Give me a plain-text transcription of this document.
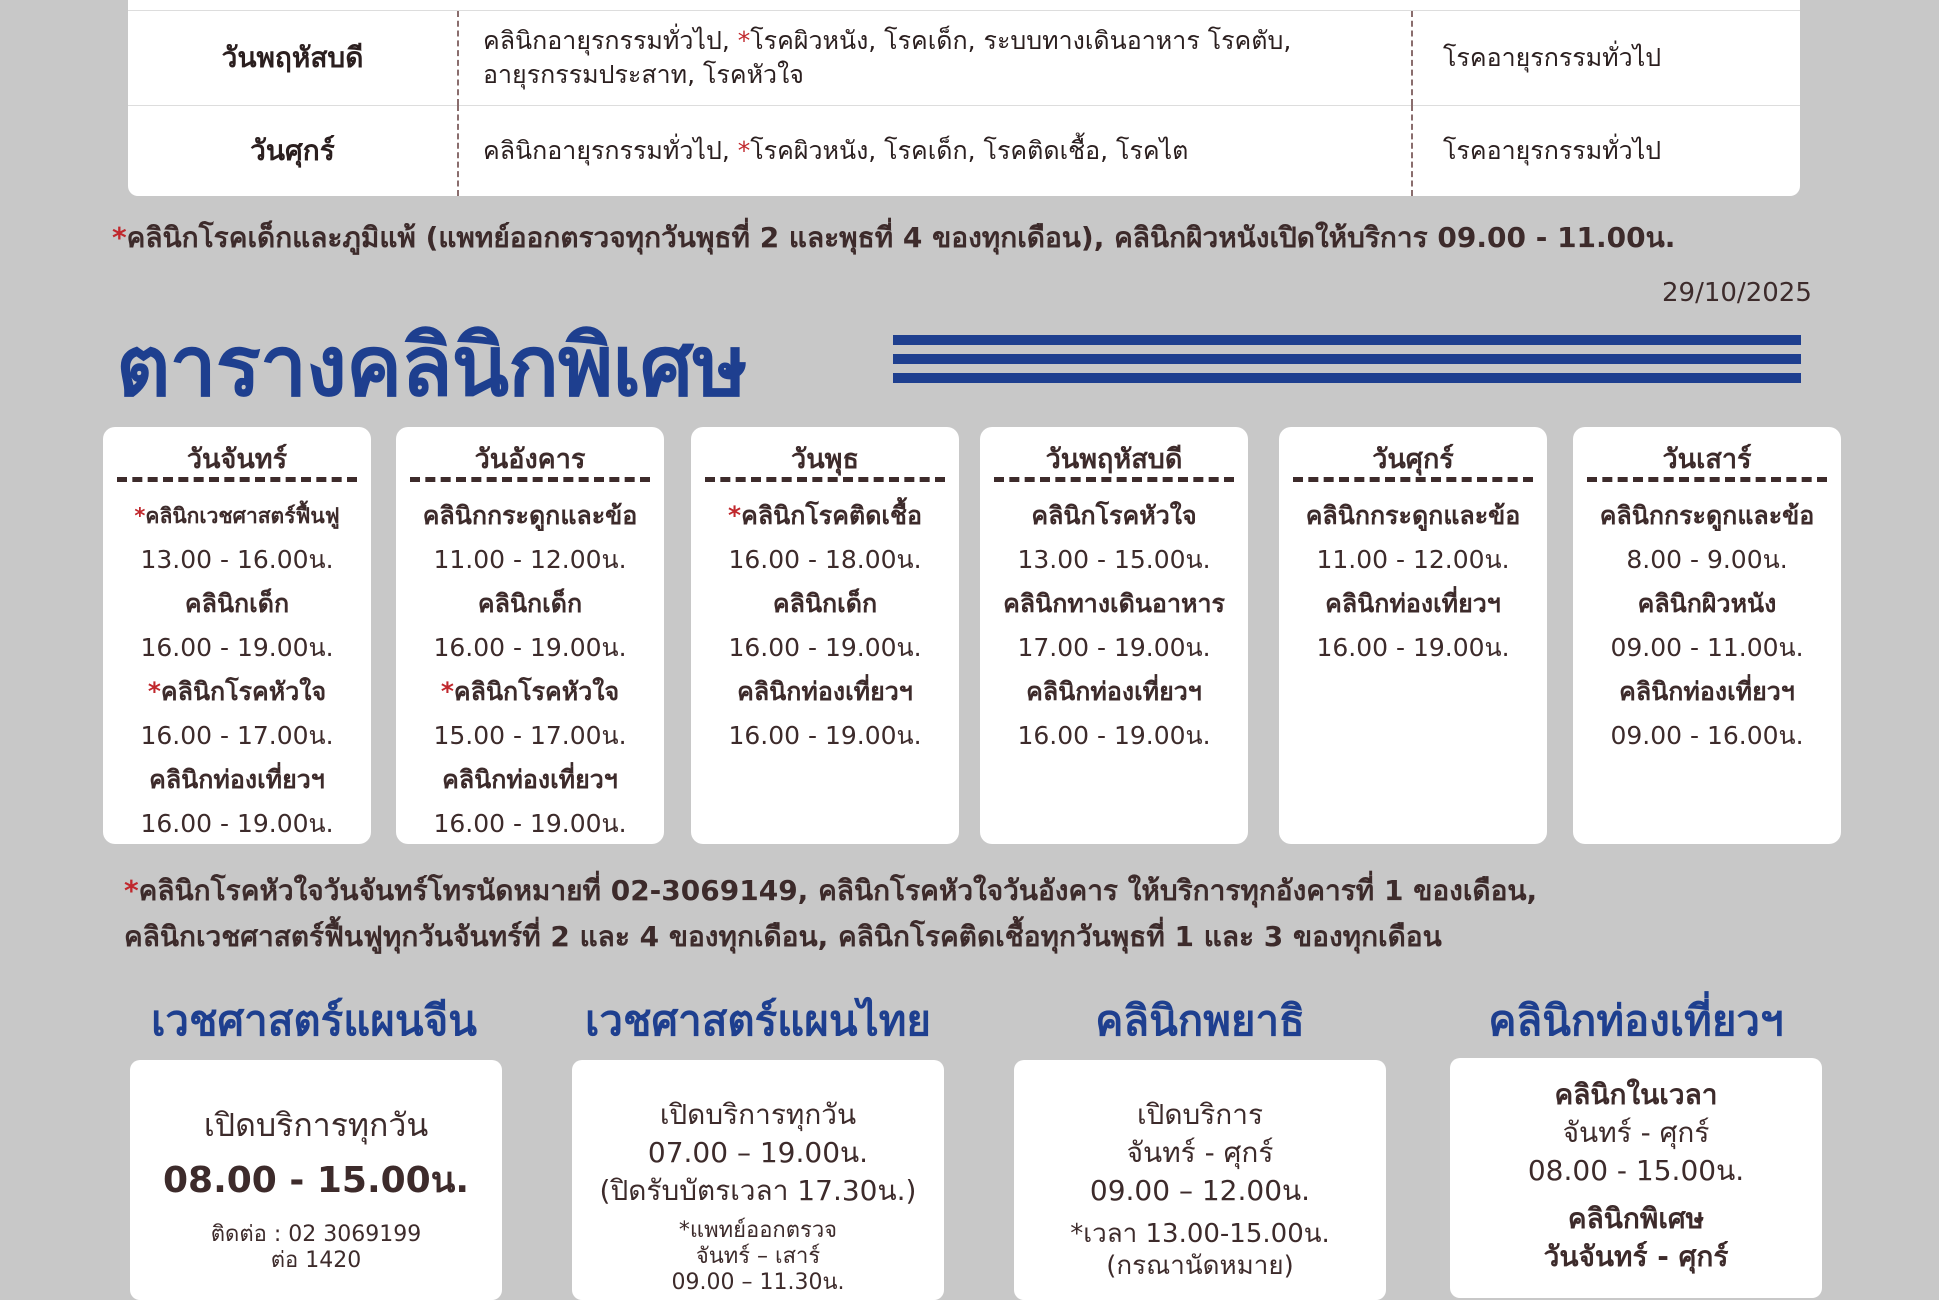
วันพฤหัสบดี
คลินิกอายุรกรรมทั่วไป, *โรคผิวหนัง, โรคเด็ก, ระบบทางเดินอาหาร โรคตับ,
อายุรกรรมประสาท, โรคหัวใจ
โรคอายุรกรรมทั่วไป
วันศุกร์	คลินิกอายุรกรรมทั่วไป, *โรคผิวหนัง, โรคเด็ก, โรคติดเชื้อ, โรคไต	โรคอายุรกรรมทั่วไป
*คลินิกโรคเด็กและภูมิแพ้ (แพทย์ออกตรวจทุกวันพุธที่ 2 และพุธที่ 4 ของทุกเดือน), คลินิกผิวหนังเปิดให้บริการ 09.00 - 11.00น.
29/10/2025
ตารางคลินิกพิเศษ
วันจันทร์
*คลินิกเวชศาสตร์ฟื้นฟู
13.00 - 16.00น.
คลินิกเด็ก
16.00 - 19.00น.
*คลินิกโรคหัวใจ
16.00 - 17.00น.
คลินิกท่องเที่ยวฯ
16.00 - 19.00น.
วันอังคาร
คลินิกกระดูกและข้อ
11.00 - 12.00น.
คลินิกเด็ก
16.00 - 19.00น.
*คลินิกโรคหัวใจ
15.00 - 17.00น.
คลินิกท่องเที่ยวฯ
16.00 - 19.00น.
วันพุธ
*คลินิกโรคติดเชื้อ
16.00 - 18.00น.
คลินิกเด็ก
16.00 - 19.00น.
คลินิกท่องเที่ยวฯ
16.00 - 19.00น.
วันพฤหัสบดี
คลินิกโรคหัวใจ
13.00 - 15.00น.
คลินิกทางเดินอาหาร
17.00 - 19.00น.
คลินิกท่องเที่ยวฯ
16.00 - 19.00น.
วันศุกร์
คลินิกกระดูกและข้อ
11.00 - 12.00น.
คลินิกท่องเที่ยวฯ
16.00 - 19.00น.
วันเสาร์
คลินิกกระดูกและข้อ
8.00 - 9.00น.
คลินิกผิวหนัง
09.00 - 11.00น.
คลินิกท่องเที่ยวฯ
09.00 - 16.00น.
*คลินิกโรคหัวใจวันจันทร์โทรนัดหมายที่ 02-3069149, คลินิกโรคหัวใจวันอังคาร ให้บริการทุกอังคารที่ 1 ของเดือน,
คลินิกเวชศาสตร์ฟื้นฟูทุกวันจันทร์ที่ 2 และ 4 ของทุกเดือน, คลินิกโรคติดเชื้อทุกวันพุธที่ 1 และ 3 ของทุกเดือน
เวชศาสตร์แผนจีน
เปิดบริการทุกวัน
08.00 - 15.00น.
ติดต่อ : 02 3069199
ต่อ 1420
เวชศาสตร์แผนไทย
เปิดบริการทุกวัน
07.00 – 19.00น.
(ปิดรับบัตรเวลา 17.30น.)
*แพทย์ออกตรวจ
จันทร์ – เสาร์
09.00 – 11.30น.
คลินิกพยาธิ
เปิดบริการ
จันทร์ - ศุกร์
09.00 – 12.00น.
*เวลา 13.00-15.00น.
(กรณานัดหมาย)
คลินิกท่องเที่ยวฯ
คลินิกในเวลา
จันทร์ - ศุกร์
08.00 - 15.00น.
คลินิกพิเศษ
วันจันทร์ - ศุกร์
